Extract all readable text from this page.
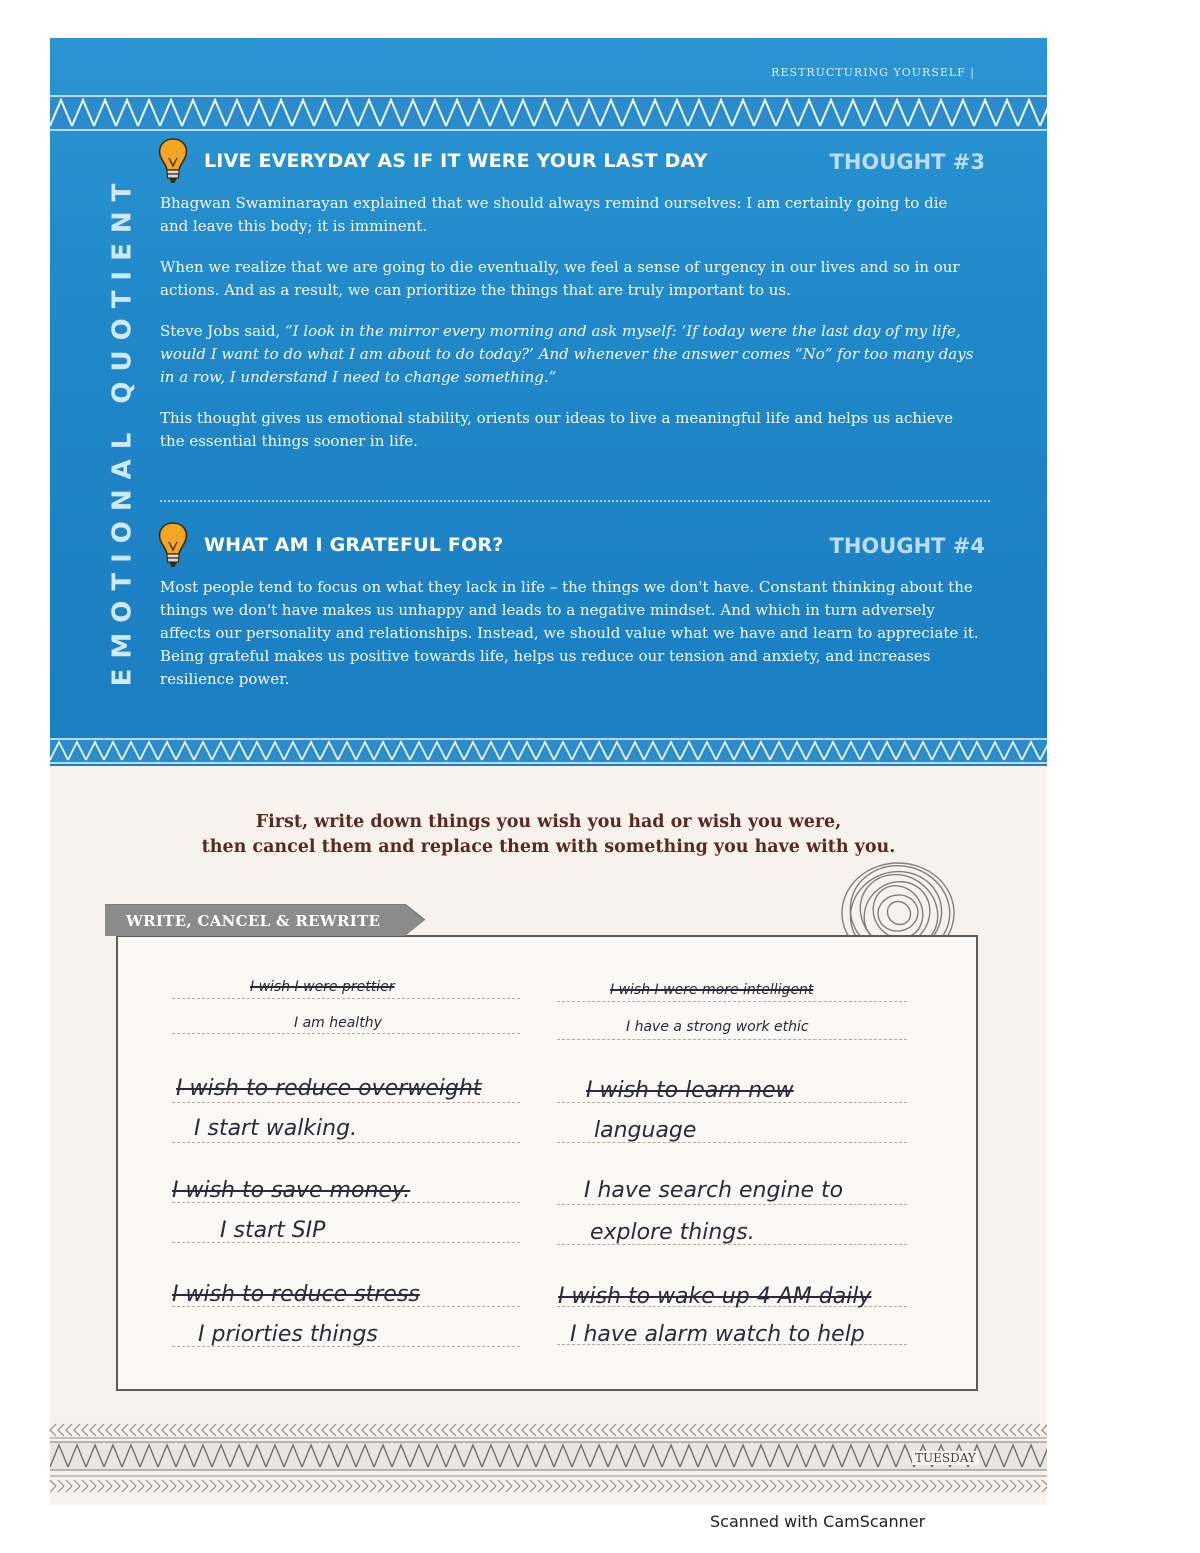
RESTRUCTURING YOURSELF |
EMOTIONAL QUOTIENT
LIVE EVERYDAY AS IF IT WERE YOUR LAST DAY	THOUGHT #3

Bhagwan Swaminarayan explained that we should always remind ourselves: I am certainly going to die and leave this body; it is imminent.

When we realize that we are going to die eventually, we feel a sense of urgency in our lives and so in our actions. And as a result, we can prioritize the things that are truly important to us.

Steve Jobs said, “I look in the mirror every morning and ask myself: ‘If today were the last day of my life, would I want to do what I am about to do today?’ And whenever the answer comes “No” for too many days in a row, I understand I need to change something.”

This thought gives us emotional stability, orients our ideas to live a meaningful life and helps us achieve the essential things sooner in life.

WHAT AM I GRATEFUL FOR?	THOUGHT #4

Most people tend to focus on what they lack in life – the things we don't have. Constant thinking about the things we don't have makes us unhappy and leads to a negative mindset. And which in turn adversely affects our personality and relationships. Instead, we should value what we have and learn to appreciate it. Being grateful makes us positive towards life, helps us reduce our tension and anxiety, and increases resilience power.

First, write down things you wish you had or wish you were,
then cancel them and replace them with something you have with you.
WRITE, CANCEL & REWRITE
I wish I were prettier
I am healthy
I wish I were more intelligent
I have a strong work ethic
I wish to reduce overweight
I start walking.
I wish to learn new
language
I wish to save money.
I start SIP
I have search engine to
explore things.
I wish to reduce stress
I priorties things
I wish to wake up 4 AM daily
I have alarm watch to help
TUESDAY
Scanned with CamScanner
